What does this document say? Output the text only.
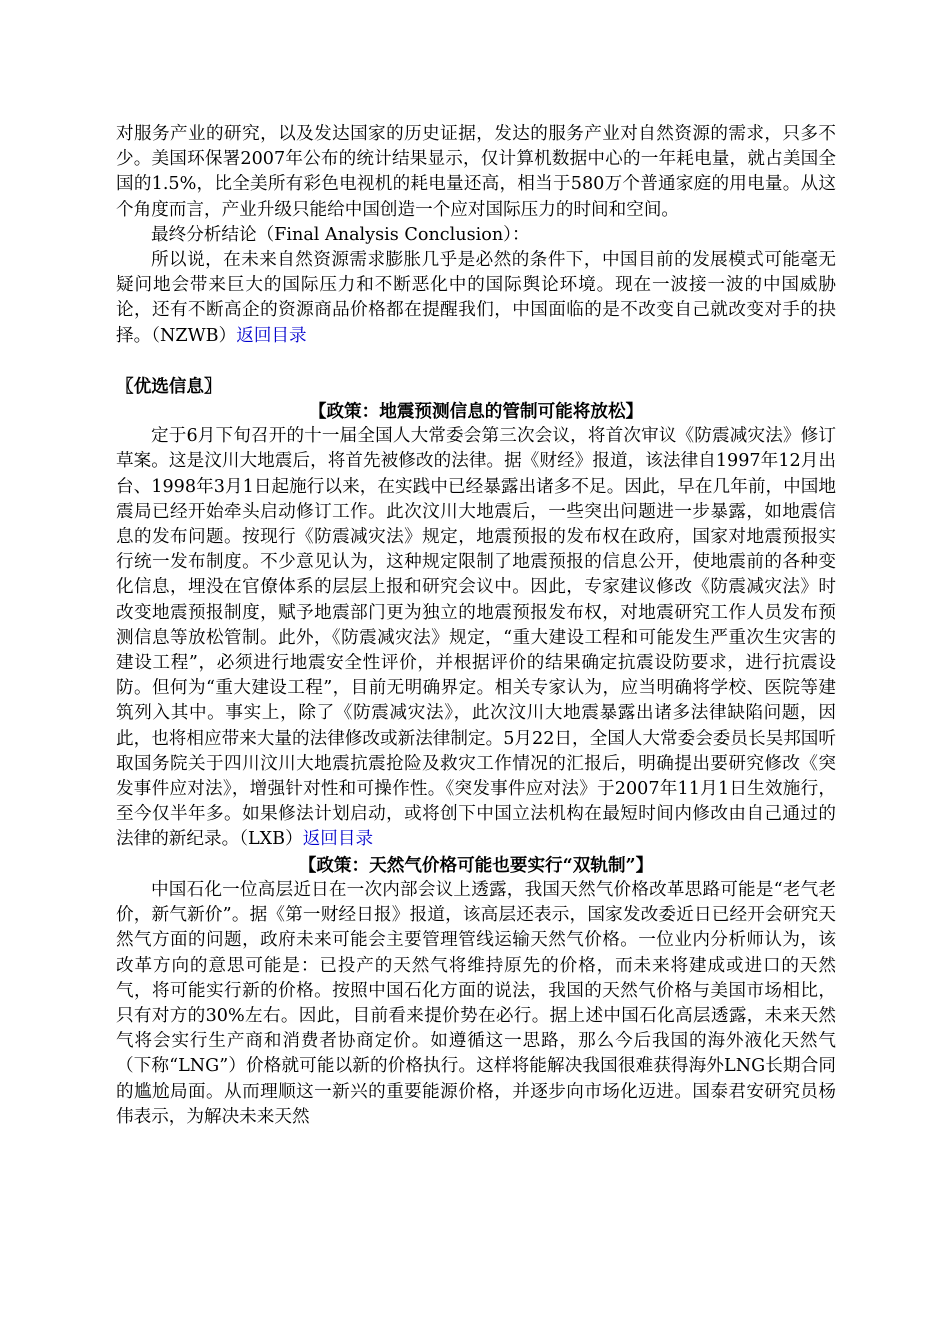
对服务产业的研究，以及发达国家的历史证据，发达的服务产业对自然资源的需求，只多不少。美国环保署2007年公布的统计结果显示，仅计算机数据中心的一年耗电量，就占美国全国的1.5%，比全美所有彩色电视机的耗电量还高，相当于580万个普通家庭的用电量。从这个角度而言，产业升级只能给中国创造一个应对国际压力的时间和空间。

最终分析结论（Final Analysis Conclusion）：

所以说，在未来自然资源需求膨胀几乎是必然的条件下，中国目前的发展模式可能毫无疑问地会带来巨大的国际压力和不断恶化中的国际舆论环境。现在一波接一波的中国威胁论，还有不断高企的资源商品价格都在提醒我们，中国面临的是不改变自己就改变对手的抉择。（NZWB）返回目录

〖优选信息〗

【政策：地震预测信息的管制可能将放松】

定于6月下旬召开的十一届全国人大常委会第三次会议，将首次审议《防震减灾法》修订草案。这是汶川大地震后，将首先被修改的法律。据《财经》报道，该法律自1997年12月出台、1998年3月1日起施行以来，在实践中已经暴露出诸多不足。因此，早在几年前，中国地震局已经开始牵头启动修订工作。此次汶川大地震后，一些突出问题进一步暴露，如地震信息的发布问题。按现行《防震减灾法》规定，地震预报的发布权在政府，国家对地震预报实行统一发布制度。不少意见认为，这种规定限制了地震预报的信息公开，使地震前的各种变化信息，埋没在官僚体系的层层上报和研究会议中。因此，专家建议修改《防震减灾法》时改变地震预报制度，赋予地震部门更为独立的地震预报发布权，对地震研究工作人员发布预测信息等放松管制。此外，《防震减灾法》规定，“重大建设工程和可能发生严重次生灾害的建设工程”，必须进行地震安全性评价，并根据评价的结果确定抗震设防要求，进行抗震设防。但何为“重大建设工程”，目前无明确界定。相关专家认为，应当明确将学校、医院等建筑列入其中。事实上，除了《防震减灾法》，此次汶川大地震暴露出诸多法律缺陷问题，因此，也将相应带来大量的法律修改或新法律制定。5月22日，全国人大常委会委员长吴邦国听取国务院关于四川汶川大地震抗震抢险及救灾工作情况的汇报后，明确提出要研究修改《突发事件应对法》，增强针对性和可操作性。《突发事件应对法》于2007年11月1日生效施行，至今仅半年多。如果修法计划启动，或将创下中国立法机构在最短时间内修改由自己通过的法律的新纪录。（LXB）返回目录

【政策：天然气价格可能也要实行“双轨制”】

中国石化一位高层近日在一次内部会议上透露，我国天然气价格改革思路可能是“老气老价，新气新价”。据《第一财经日报》报道，该高层还表示，国家发改委近日已经开会研究天然气方面的问题，政府未来可能会主要管理管线运输天然气价格。一位业内分析师认为，该改革方向的意思可能是：已投产的天然气将维持原先的价格，而未来将建成或进口的天然气，将可能实行新的价格。按照中国石化方面的说法，我国的天然气价格与美国市场相比，只有对方的30%左右。因此，目前看来提价势在必行。据上述中国石化高层透露，未来天然气将会实行生产商和消费者协商定价。如遵循这一思路，那么今后我国的海外液化天然气（下称“LNG”）价格就可能以新的价格执行。这样将能解决我国很难获得海外LNG长期合同的尴尬局面。从而理顺这一新兴的重要能源价格，并逐步向市场化迈进。国泰君安研究员杨伟表示，为解决未来天然
